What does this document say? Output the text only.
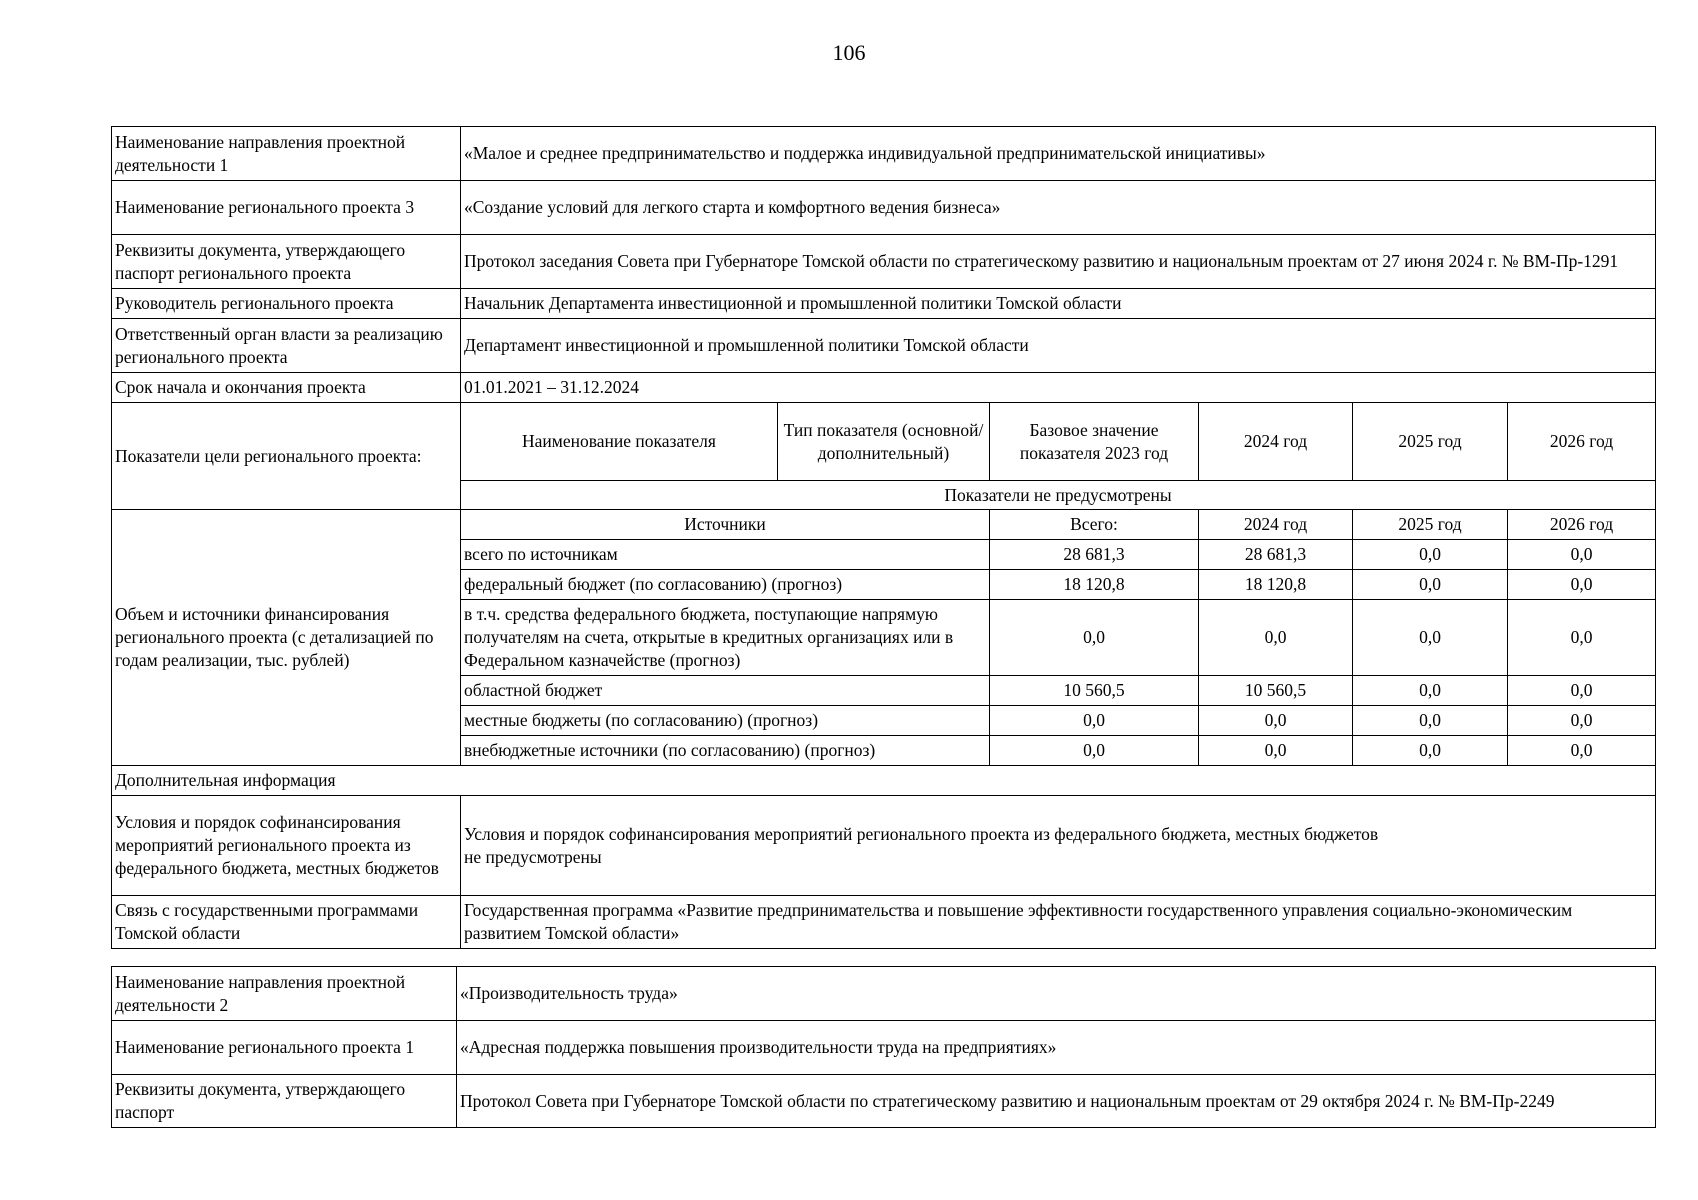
106
Наименование направления проектной деятельности 1	«Малое и среднее предпринимательство и поддержка индивидуальной предпринимательской инициативы»					
Наименование регионального проекта 3	«Создание условий для легкого старта и комфортного ведения бизнеса»					
Реквизиты документа, утверждающего паспорт регионального проекта	Протокол заседания Совета при Губернаторе Томской области по стратегическому развитию и национальным проектам от 27 июня 2024 г. № ВМ-Пр-1291					
Руководитель регионального проекта	Начальник Департамента инвестиционной и промышленной политики Томской области					
Ответственный орган власти за реализацию регионального проекта	Департамент инвестиционной и промышленной политики Томской области					
Срок начала и окончания проекта	01.01.2021 – 31.12.2024					
Показатели цели регионального проекта:	Наименование показателя	Тип показателя (основной/ дополнительный)	Базовое значение показателя 2023 год	2024 год	2025 год	2026 год
	Показатели не предусмотрены					
Объем и источники финансирования регионального проекта (с детализацией по годам реализации, тыс. рублей)	Источники		Всего:	2024 год	2025 год	2026 год
	всего по источникам		28 681,3	28 681,3	0,0	0,0
	федеральный бюджет (по согласованию) (прогноз)		18 120,8	18 120,8	0,0	0,0
	в т.ч. средства федерального бюджета, поступающие напрямую получателям на счета, открытые в кредитных организациях или в Федеральном казначействе (прогноз)		0,0	0,0	0,0	0,0
	областной бюджет		10 560,5	10 560,5	0,0	0,0
	местные бюджеты (по согласованию) (прогноз)		0,0	0,0	0,0	0,0
	внебюджетные источники (по согласованию) (прогноз)		0,0	0,0	0,0	0,0
Дополнительная информация						
Условия и порядок софинансирования мероприятий регионального проекта из федерального бюджета, местных бюджетов	Условия и порядок софинансирования мероприятий регионального проекта из федерального бюджета, местных бюджетов
не предусмотрены					

Связь с государственными программами Томской области	Государственная программа «Развитие предпринимательства и повышение эффективности государственного управления социально-экономическим развитием Томской области»					
Наименование направления проектной деятельности 2	«Производительность труда»
Наименование регионального проекта 1	«Адресная поддержка повышения производительности труда на предприятиях»
Реквизиты документа, утверждающего паспорт	Протокол Совета при Губернаторе Томской области по стратегическому развитию и национальным проектам от 29 октября 2024 г. № ВМ-Пр-2249
